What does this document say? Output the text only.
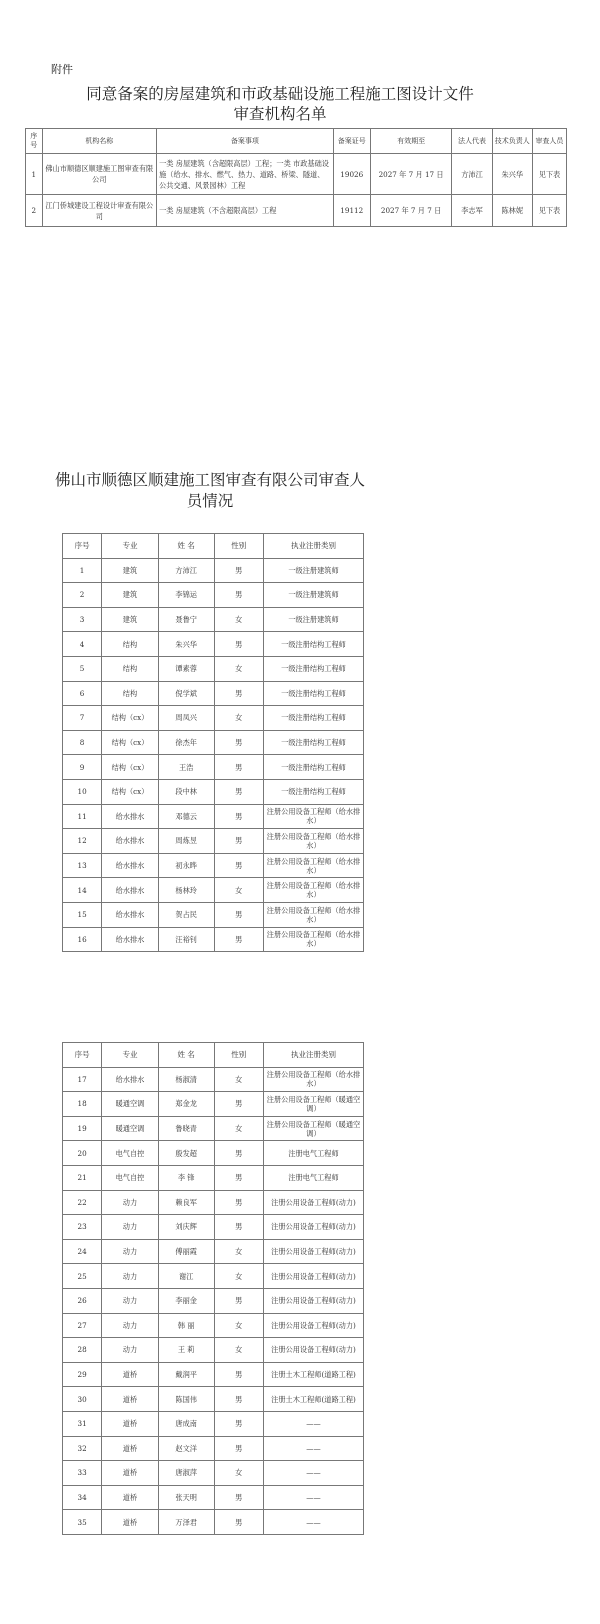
附件
同意备案的房屋建筑和市政基础设施工程施工图设计文件
审查机构名单
序号	机构名称	备案事项	备案证号	有效期至	法人代表	技术负责人	审查人员
1	佛山市顺德区顺建施工图审查有限公司	一类 房屋建筑（含超限高层）工程；一类 市政基础设施（给水、排水、燃气、热力、道路、桥梁、隧道、公共交通、风景园林）工程	19026	2027 年 7 月 17 日	方沛江	朱兴华	见下表
2	江门侨城建设工程设计审查有限公司	一类 房屋建筑（不含超限高层）工程	19112	2027 年 7 月 7 日	李志军	陈林妮	见下表
佛山市顺德区顺建施工图审查有限公司审查人
员情况
序号	专业	姓 名	性别	执业注册类别
1	建筑	方沛江	男	一级注册建筑师
2	建筑	李锦运	男	一级注册建筑师
3	建筑	聂鲁宁	女	一级注册建筑师
4	结构	朱兴华	男	一级注册结构工程师
5	结构	谭素蓉	女	一级注册结构工程师
6	结构	倪学斌	男	一级注册结构工程师
7	结构（cx）	周凤兴	女	一级注册结构工程师
8	结构（cx）	徐杰年	男	一级注册结构工程师
9	结构（cx）	王浩	男	一级注册结构工程师
10	结构（cx）	段中林	男	一级注册结构工程师
11	给水排水	邓德云	男	注册公用设备工程师（给水排水）
12	给水排水	周炼昱	男	注册公用设备工程师（给水排水）
13	给水排水	初永晔	男	注册公用设备工程师（给水排水）
14	给水排水	杨林玲	女	注册公用设备工程师（给水排水）
15	给水排水	贺占民	男	注册公用设备工程师（给水排水）
16	给水排水	汪裕钊	男	注册公用设备工程师（给水排水）
序号	专业	姓 名	性别	执业注册类别
17	给水排水	杨淑清	女	注册公用设备工程师（给水排水）
18	暖通空调	郑金龙	男	注册公用设备工程师（暖通空调）
19	暖通空调	鲁晓青	女	注册公用设备工程师（暖通空调）
20	电气自控	殷发超	男	注册电气工程师
21	电气自控	李 锋	男	注册电气工程师
22	动力	赖良军	男	注册公用设备工程师(动力)
23	动力	刘庆辉	男	注册公用设备工程师(动力)
24	动力	傅丽霞	女	注册公用设备工程师(动力)
25	动力	谢江	女	注册公用设备工程师(动力)
26	动力	李丽金	男	注册公用设备工程师(动力)
27	动力	韩 丽	女	注册公用设备工程师(动力)
28	动力	王 莉	女	注册公用设备工程师(动力)
29	道桥	戴润平	男	注册土木工程师(道路工程)
30	道桥	陈国伟	男	注册土木工程师(道路工程)
31	道桥	唐成南	男	——
32	道桥	赵文洋	男	——
33	道桥	唐淑萍	女	——
34	道桥	张天明	男	——
35	道桥	万泽君	男	——
